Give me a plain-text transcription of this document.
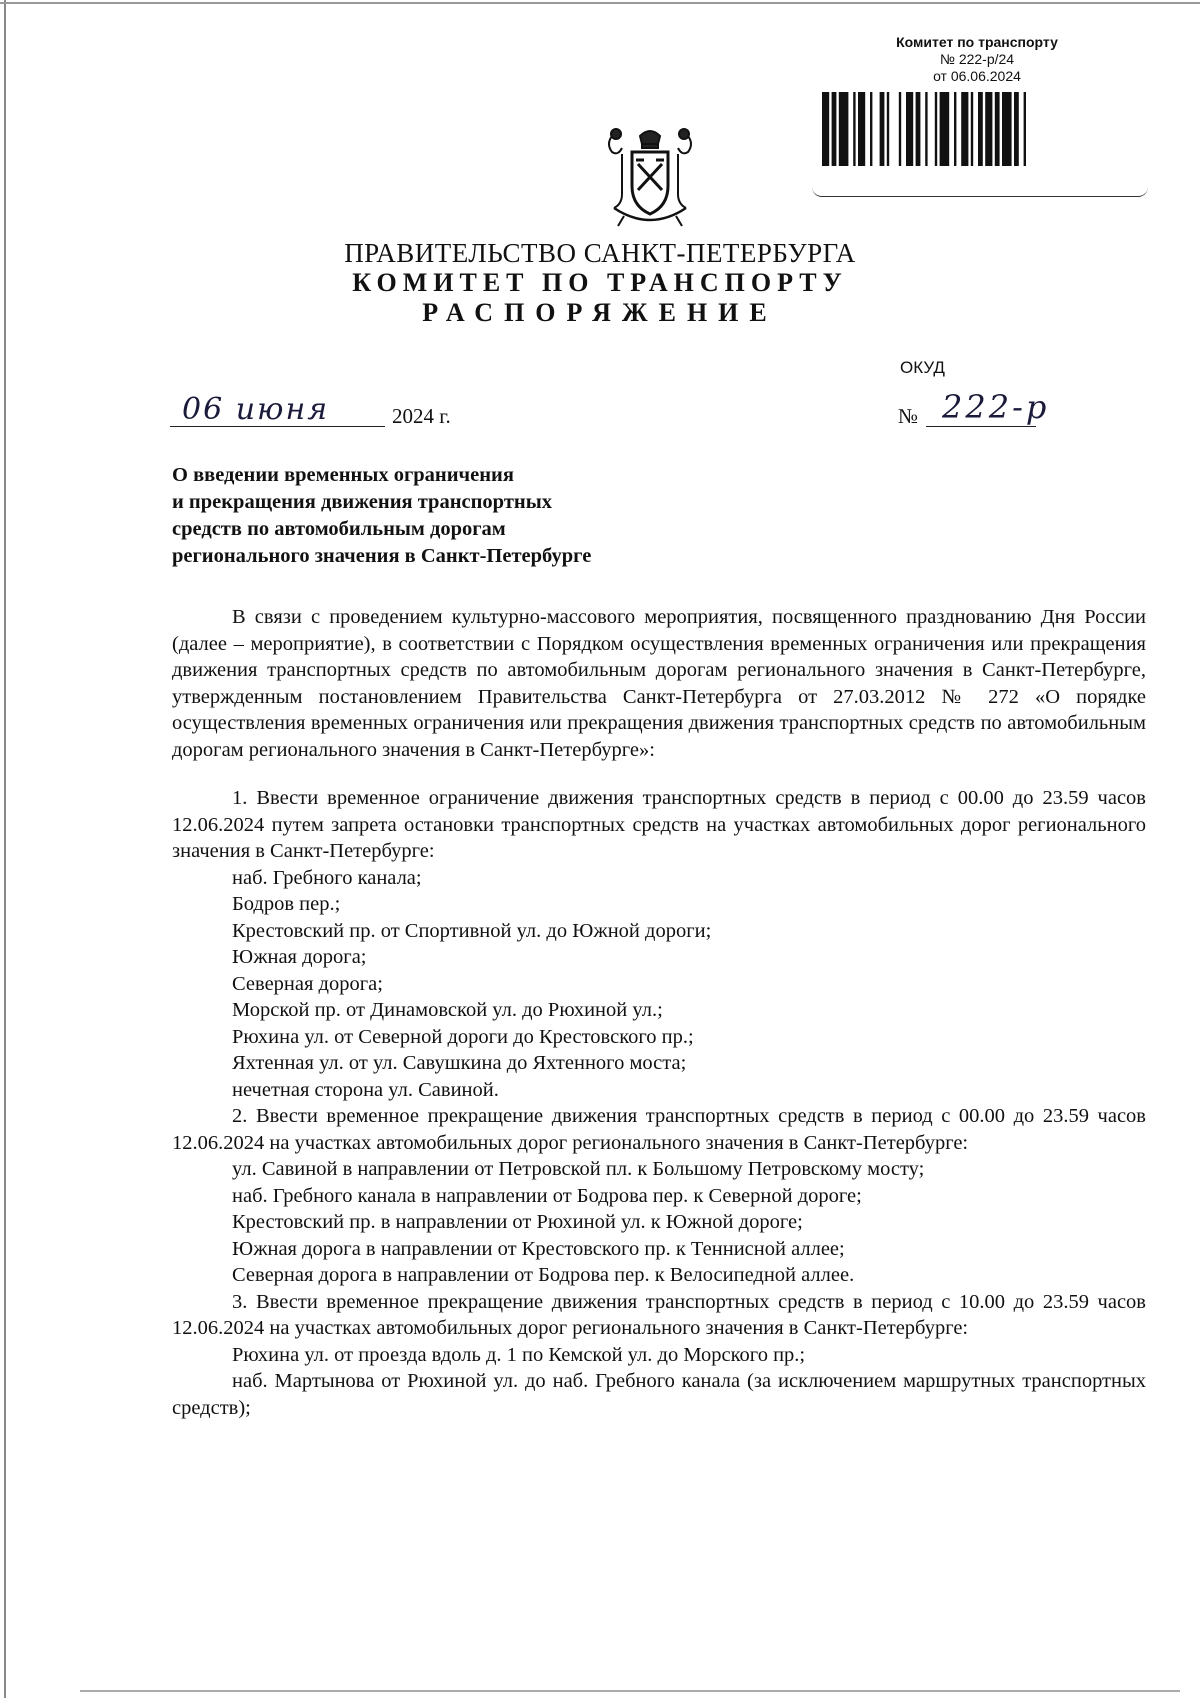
Комитет по транспорту
№ 222-р/24
от 06.06.2024
ПРАВИТЕЛЬСТВО САНКТ-ПЕТЕРБУРГА
КОМИТЕТ ПО ТРАНСПОРТУ
РАСПОРЯЖЕНИЕ
ОКУД
06 июня	2024 г.	№ 222-р
О введении временных ограничения
и прекращения движения транспортных
средств по автомобильным дорогам
регионального значения в Санкт-Петербурге

В связи с проведением культурно-массового мероприятия, посвященного празднованию Дня России (далее – мероприятие), в соответствии с Порядком осуществления временных ограничения или прекращения движения транспортных средств по автомобильным дорогам регионального значения в Санкт-Петербурге, утвержденным постановлением Правительства Санкт-Петербурга от 27.03.2012 № 272 «О порядке осуществления временных ограничения или прекращения движения транспортных средств по автомобильным дорогам регионального значения в Санкт-Петербурге»:

1. Ввести временное ограничение движения транспортных средств в период с 00.00 до 23.59 часов 12.06.2024 путем запрета остановки транспортных средств на участках автомобильных дорог регионального значения в Санкт-Петербурге:

наб. Гребного канала;

Бодров пер.;

Крестовский пр. от Спортивной ул. до Южной дороги;

Южная дорога;

Северная дорога;

Морской пр. от Динамовской ул. до Рюхиной ул.;

Рюхина ул. от Северной дороги до Крестовского пр.;

Яхтенная ул. от ул. Савушкина до Яхтенного моста;

нечетная сторона ул. Савиной.

2. Ввести временное прекращение движения транспортных средств в период с 00.00 до 23.59 часов 12.06.2024 на участках автомобильных дорог регионального значения в Санкт-Петербурге:

ул. Савиной в направлении от Петровской пл. к Большому Петровскому мосту;

наб. Гребного канала в направлении от Бодрова пер. к Северной дороге;

Крестовский пр. в направлении от Рюхиной ул. к Южной дороге;

Южная дорога в направлении от Крестовского пр. к Теннисной аллее;

Северная дорога в направлении от Бодрова пер. к Велосипедной аллее.

3. Ввести временное прекращение движения транспортных средств в период с 10.00 до 23.59 часов 12.06.2024 на участках автомобильных дорог регионального значения в Санкт-Петербурге:

Рюхина ул. от проезда вдоль д. 1 по Кемской ул. до Морского пр.;

наб. Мартынова от Рюхиной ул. до наб. Гребного канала (за исключением маршрутных транспортных средств);
